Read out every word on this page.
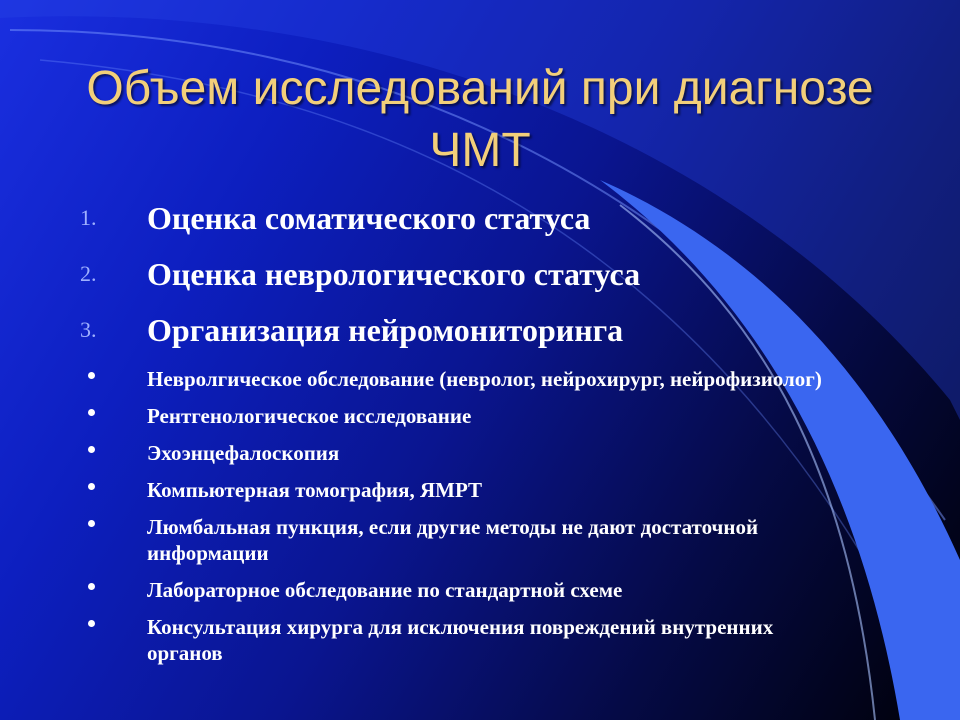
Объем исследований при диагнозе ЧМТ
1. Оценка соматического статуса
2. Оценка неврологического статуса
3. Организация нейромониторинга
Невролгическое обследование (невролог, нейрохирург, нейрофизиолог)
Рентгенологическое исследование
Эхоэнцефалоскопия
Компьютерная томография, ЯМРТ
Люмбальная пункция, если другие методы не дают достаточной информации
Лабораторное обследование по стандартной схеме
Консультация хирурга для исключения повреждений внутренних органов
